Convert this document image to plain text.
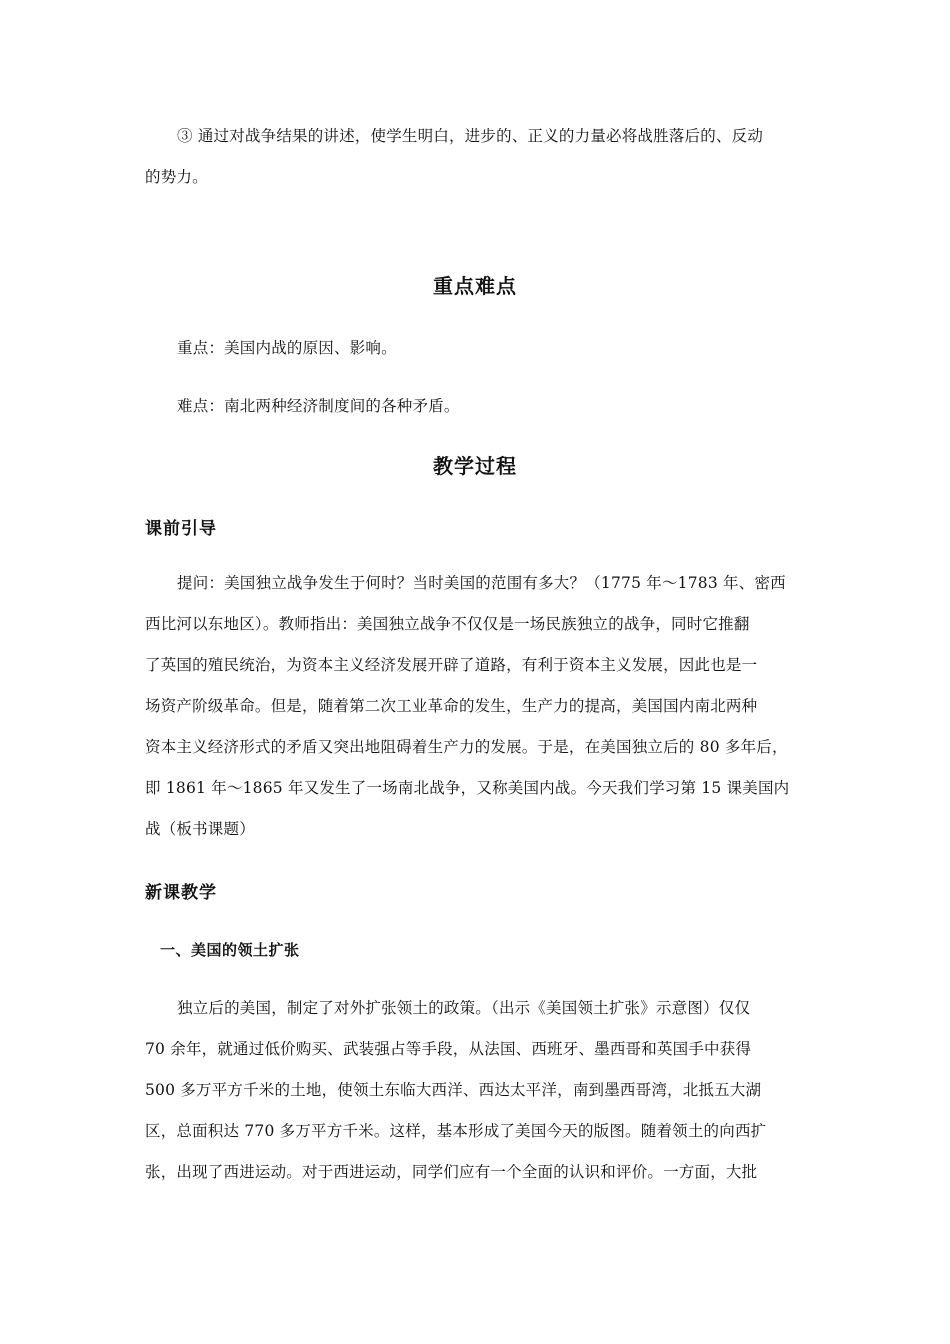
③ 通过对战争结果的讲述，使学生明白，进步的、正义的力量必将战胜落后的、反动
的势力。
重点难点

重点：美国内战的原因、影响。

难点：南北两种经济制度间的各种矛盾。

教学过程
课前引导
提问：美国独立战争发生于何时？当时美国的范围有多大？（1775 年～1783 年、密西
西比河以东地区）。教师指出：美国独立战争不仅仅是一场民族独立的战争，同时它推翻
了英国的殖民统治，为资本主义经济发展开辟了道路，有利于资本主义发展，因此也是一
场资产阶级革命。但是，随着第二次工业革命的发生，生产力的提高，美国国内南北两种
资本主义经济形式的矛盾又突出地阻碍着生产力的发展。于是，在美国独立后的 80 多年后，
即 1861 年～1865 年又发生了一场南北战争，又称美国内战。今天我们学习第 15 课美国内
战（板书课题）
新课教学
一、美国的领土扩张
独立后的美国，制定了对外扩张领土的政策。（出示《美国领土扩张》示意图）仅仅
70 余年，就通过低价购买、武装强占等手段，从法国、西班牙、墨西哥和英国手中获得
500 多万平方千米的土地，使领土东临大西洋、西达太平洋，南到墨西哥湾，北抵五大湖
区，总面积达 770 多万平方千米。这样，基本形成了美国今天的版图。随着领土的向西扩
张，出现了西进运动。对于西进运动，同学们应有一个全面的认识和评价。一方面，大批
